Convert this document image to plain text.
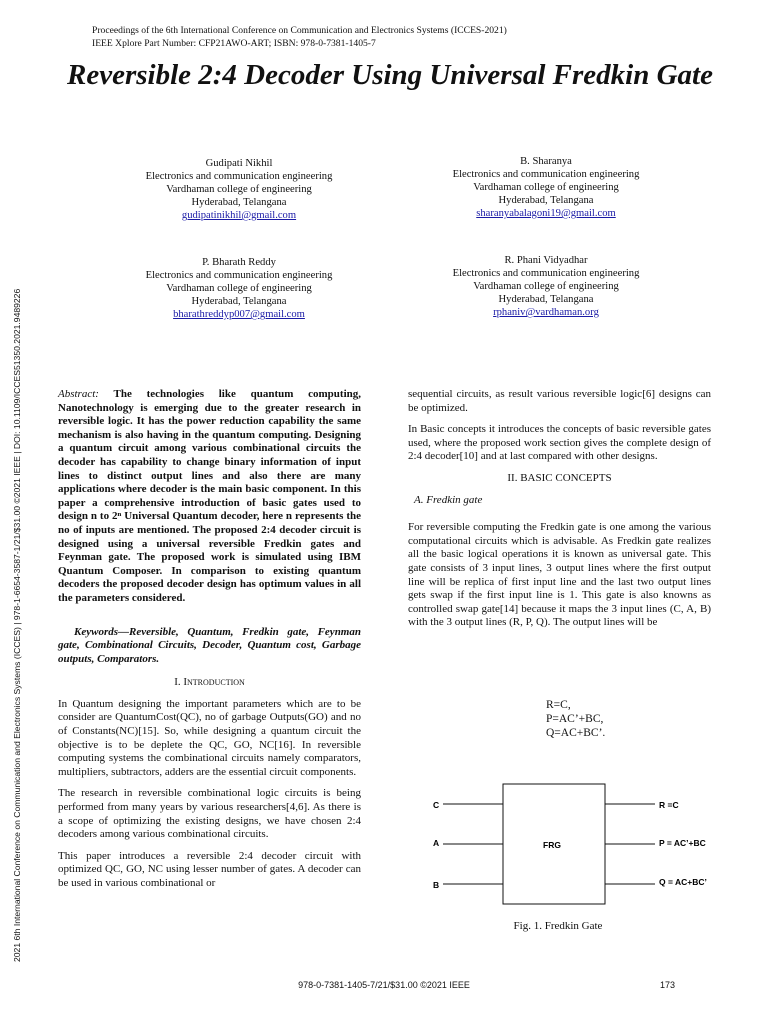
Proceedings of the 6th International Conference on Communication and Electronics Systems (ICCES-2021)
IEEE Xplore Part Number: CFP21AWO-ART; ISBN: 978-0-7381-1405-7
Reversible 2:4 Decoder Using Universal Fredkin Gate
Gudipati Nikhil
Electronics and communication engineering
Vardhaman college of engineering
Hyderabad, Telangana
gudipatinikhil@gmail.com
B. Sharanya
Electronics and communication engineering
Vardhaman college of engineering
Hyderabad, Telangana
sharanyabalagoni19@gmail.com
P. Bharath Reddy
Electronics and communication engineering
Vardhaman college of engineering
Hyderabad, Telangana
bharathreddyp007@gmail.com
R. Phani Vidyadhar
Electronics and communication engineering
Vardhaman college of engineering
Hyderabad, Telangana
rphaniv@vardhaman.org
2021 6th International Conference on Communication and Electronics Systems (ICCES) | 978-1-6654-3587-1/21/$31.00 ©2021 IEEE | DOI: 10.1109/ICCES51350.2021.9489226	Abstract: The technologies like quantum computing, Nanotechnology is emerging due to the greater research in reversible logic. It has the power reduction capability the same mechanism is also having in the quantum computing. Designing a quantum circuit among various combinational circuits the decoder has capability to change binary information of input lines to distinct output lines and also there are many applications where decoder is the main basic component. In this paper a comprehensive introduction of basic gates used to design n to 2ⁿ Universal Quantum decoder, here n represents the no of inputs are mentioned. The proposed 2:4 decoder circuit is designed using a universal reversible Fredkin gates and Feynman gate. The proposed work is simulated using IBM Quantum Composer. In comparison to existing quantum decoders the proposed decoder design has optimum values in all the parameters considered.

Keywords—Reversible, Quantum, Fredkin gate, Feynman gate, Combinational Circuits, Decoder, Quantum cost, Garbage outputs, Comparators.

I. Introduction

In Quantum designing the important parameters which are to be consider are QuantumCost(QC), no of garbage Outputs(GO) and no of Constants(NC)[15]. So, while designing a quantum circuit the objective is to be deplete the QC, GO, NC[16]. In reversible computing systems the combinational circuits namely comparators, multipliers, subtractors, adders are the essential circuit components.

The research in reversible combinational logic circuits is being performed from many years by various researchers[4,6]. As there is a scope of optimizing the existing designs, we have chosen 2:4 decoders among various combinational circuits.

This paper introduces a reversible 2:4 decoder circuit with optimized QC, GO, NC using lesser number of gates. A decoder can be used in various combinational or

sequential circuits, as result various reversible logic[6] designs can be optimized.

In Basic concepts it introduces the concepts of basic reversible gates used, where the proposed work section gives the complete design of 2:4 decoder[10] and at last compared with other designs.

II. BASIC CONCEPTS
A. Fredkin gate

For reversible computing the Fredkin gate is one among the various computational circuits which is advisable. As Fredkin gate realizes all the basic logical operations it is known as universal gate. This gate consists of 3 input lines, 3 output lines where the first output line will be replica of first input line and the last two output lines gets swap if the first input line is 1. This gate is also knowns as controlled swap gate[14] because it maps the 3 input lines (C, A, B) with the 3 output lines (R, P, Q). The output lines will be

R=C,
P=AC’+BC,
Q=AC+BC’.
FRG
C
A
B
R =C
P = AC’+BC
Q = AC+BC’
Fig. 1. Fredkin Gate
978-0-7381-1405-7/21/$31.00 ©2021 IEEE	173
